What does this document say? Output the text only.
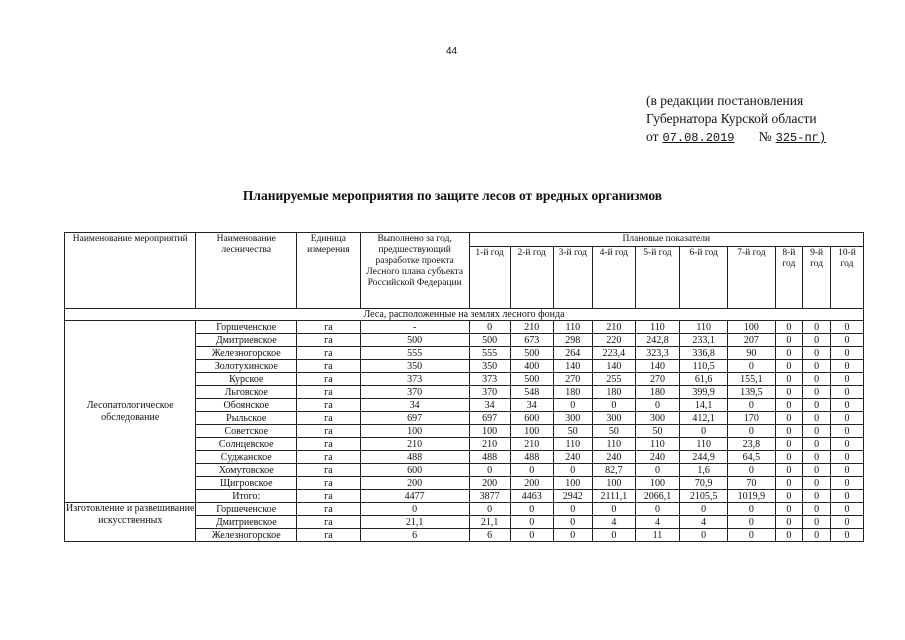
44
(в редакции постановления
Губернатора Курской области
от 07.08.2019 № 325-пг)
Планируемые мероприятия по защите лесов от вредных организмов
Наименование мероприятий	Наименование лесничества	Единица измерения	Выполнено за год, предшествующий разработке проекта Лесного плана субъекта Российской Федерации	Плановые показатели									
				1-й год	2-й год	3-й год	4-й год	5-й год	6-й год	7-й год	8-й год	9-й год	10-й год
Леса, расположенные на землях лесного фонда													
Лесопатологическое обследование	Горшеченское	га	-	0	210	110	210	110	110	100	0	0	0
	Дмитриевское	га	500	500	673	298	220	242,8	233,1	207	0	0	0
	Железногорское	га	555	555	500	264	223,4	323,3	336,8	90	0	0	0
	Золотухинское	га	350	350	400	140	140	140	110,5	0	0	0	0
	Курское	га	373	373	500	270	255	270	61,6	155,1	0	0	0
	Льговское	га	370	370	548	180	180	180	399,9	139,5	0	0	0
	Обоянское	га	34	34	34	0	0	0	14,1	0	0	0	0
	Рыльское	га	697	697	600	300	300	300	412,1	170	0	0	0
	Советское	га	100	100	100	50	50	50	0	0	0	0	0
	Солнцевское	га	210	210	210	110	110	110	110	23,8	0	0	0
	Суджанское	га	488	488	488	240	240	240	244,9	64,5	0	0	0
	Хомутовское	га	600	0	0	0	82,7	0	1,6	0	0	0	0
	Щигровское	га	200	200	200	100	100	100	70,9	70	0	0	0
	Итого:	га	4477	3877	4463	2942	2111,1	2066,1	2105,5	1019,9	0	0	0
Изготовление и развешивание искусственных	Горшеченское	га	0	0	0	0	0	0	0	0	0	0	0
	Дмитриевское	га	21,1	21,1	0	0	4	4	4	0	0	0	0
	Железногорское	га	6	6	0	0	0	11	0	0	0	0	0
